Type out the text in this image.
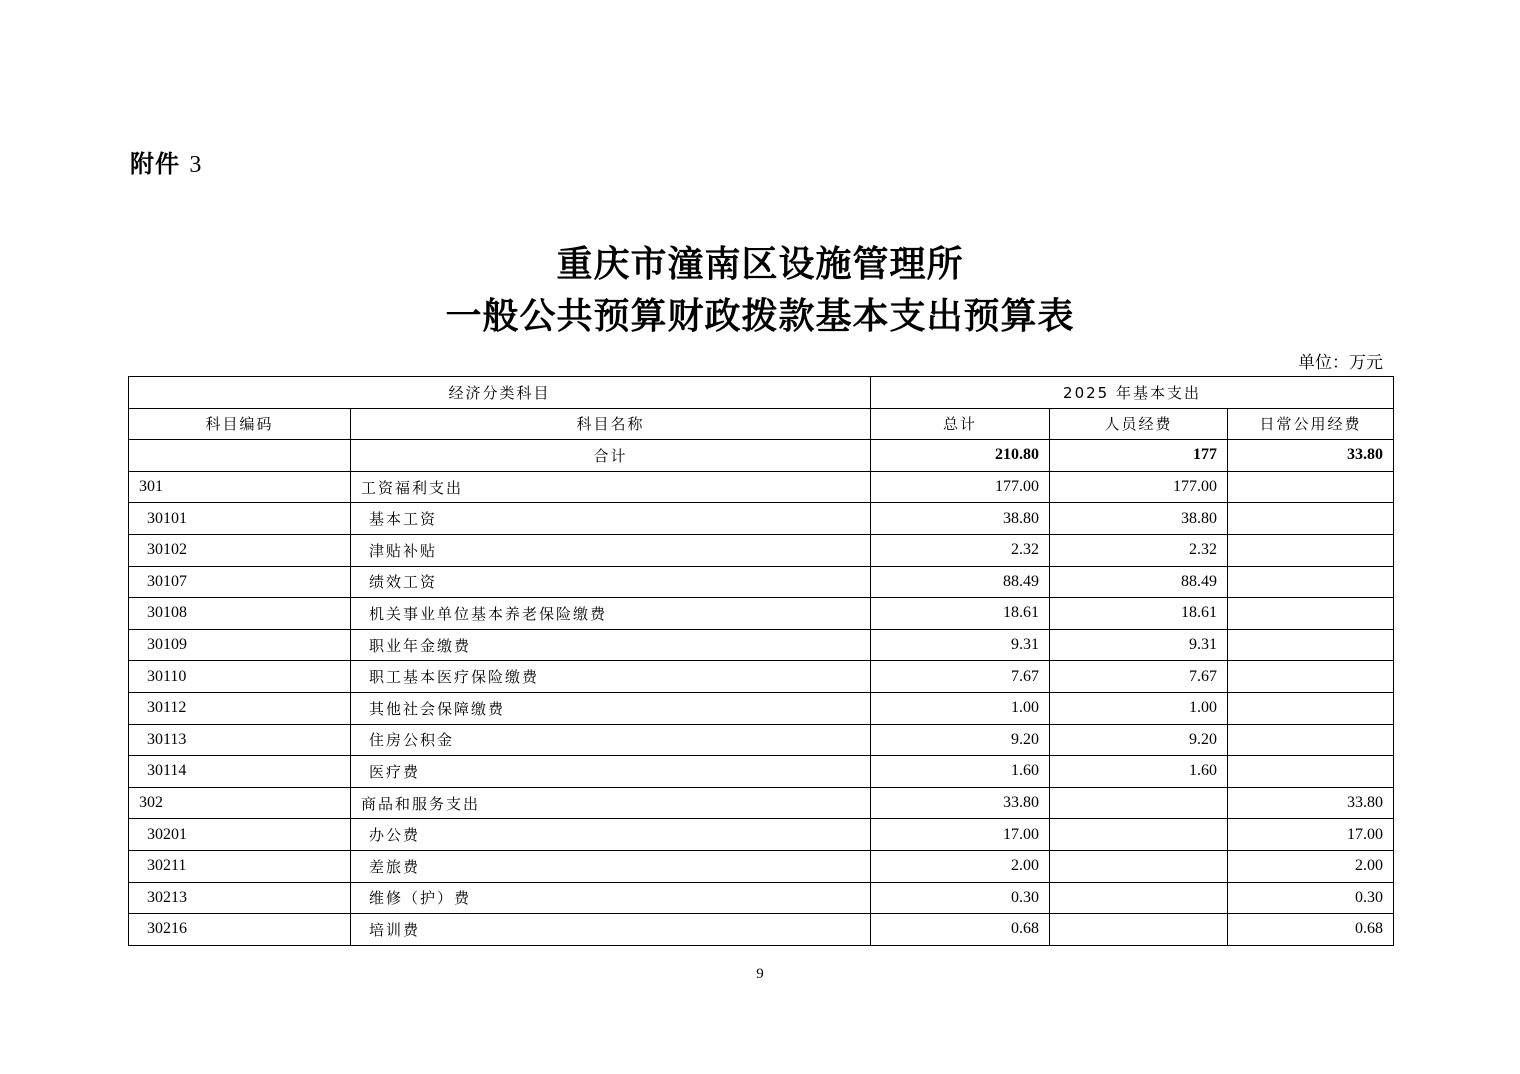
附件 3
重庆市潼南区设施管理所
一般公共预算财政拨款基本支出预算表
单位：万元
经济分类科目		2025 年基本支出		
科目编码	科目名称	总计	人员经费	日常公用经费
	合计	210.80	177	33.80
301	工资福利支出	177.00	177.00	
30101	基本工资	38.80	38.80	
30102	津贴补贴	2.32	2.32	
30107	绩效工资	88.49	88.49	
30108	机关事业单位基本养老保险缴费	18.61	18.61	
30109	职业年金缴费	9.31	9.31	
30110	职工基本医疗保险缴费	7.67	7.67	
30112	其他社会保障缴费	1.00	1.00	
30113	住房公积金	9.20	9.20	
30114	医疗费	1.60	1.60	
302	商品和服务支出	33.80		33.80
30201	办公费	17.00		17.00
30211	差旅费	2.00		2.00
30213	维修（护）费	0.30		0.30
30216	培训费	0.68		0.68
9
